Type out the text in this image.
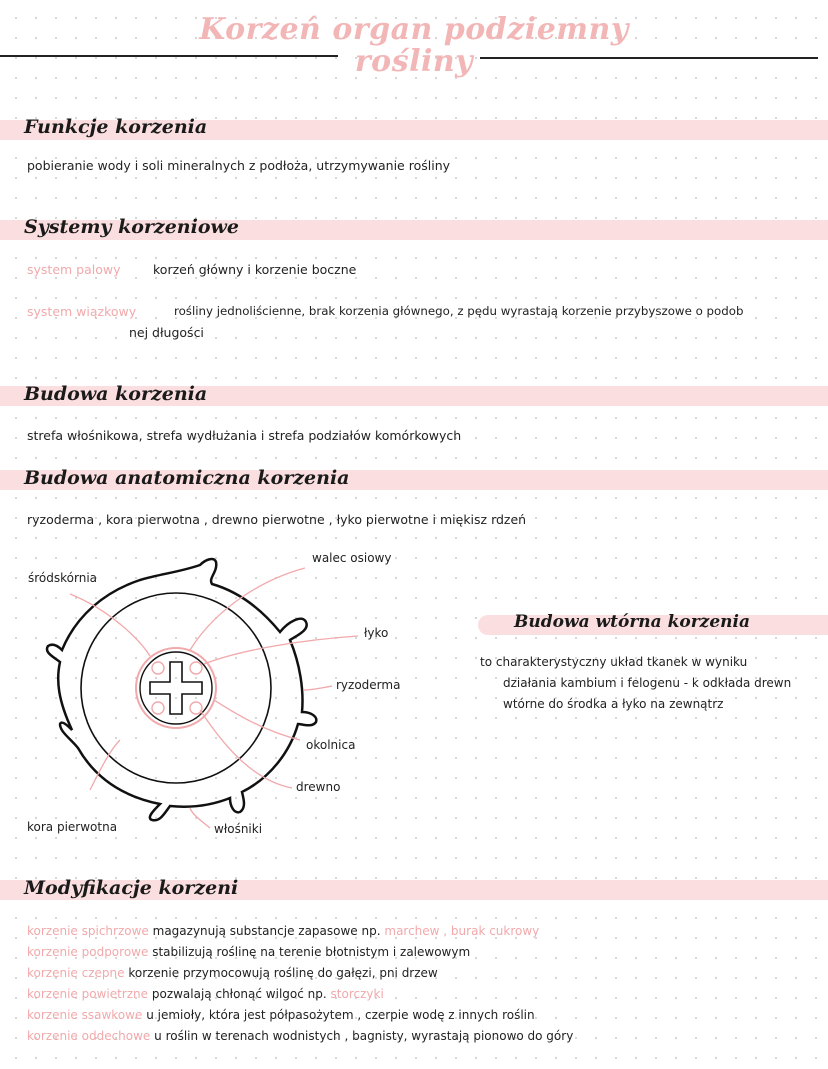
Korzeń organ podziemny
rośliny
Funkcje korzenia
pobieranie wody i soli mineralnych z podłoża, utrzymywanie rośliny
Systemy korzeniowe
system palowy	korzeń główny i korzenie boczne
system wiązkowy	rośliny jednoliścienne, brak korzenia głównego, z pędu wyrastają korzenie przybyszowe o podob
nej długości
Budowa korzenia
strefa włośnikowa, strefa wydłużania i strefa podziałów komórkowych
Budowa anatomiczna korzenia
ryzoderma , kora pierwotna , drewno pierwotne , łyko pierwotne i miękisz rdzeń
walec osiowy
śródskórnia
łyko
ryzoderma
okolnica
drewno
kora pierwotna	włośniki
Budowa wtórna korzenia
to charakterystyczny układ tkanek w wyniku
działania kambium i felogenu - k odkłada drewn
wtórne do środka a łyko na zewnątrz
Modyfikacje korzeni
korzenie spichrzowe magazynują substancje zapasowe np. marchew , burak cukrowy
korzenie podporowe stabilizują roślinę na terenie błotnistym i zalewowym
korzenie czepne korzenie przymocowują roślinę do gałęzi, pni drzew
korzenie powietrzne pozwalają chłonąć wilgoć np. storczyki
korzenie ssawkowe u jemioły, która jest półpasożytem , czerpie wodę z innych roślin
korzenie oddechowe u roślin w terenach wodnistych , bagnisty, wyrastają pionowo do góry
